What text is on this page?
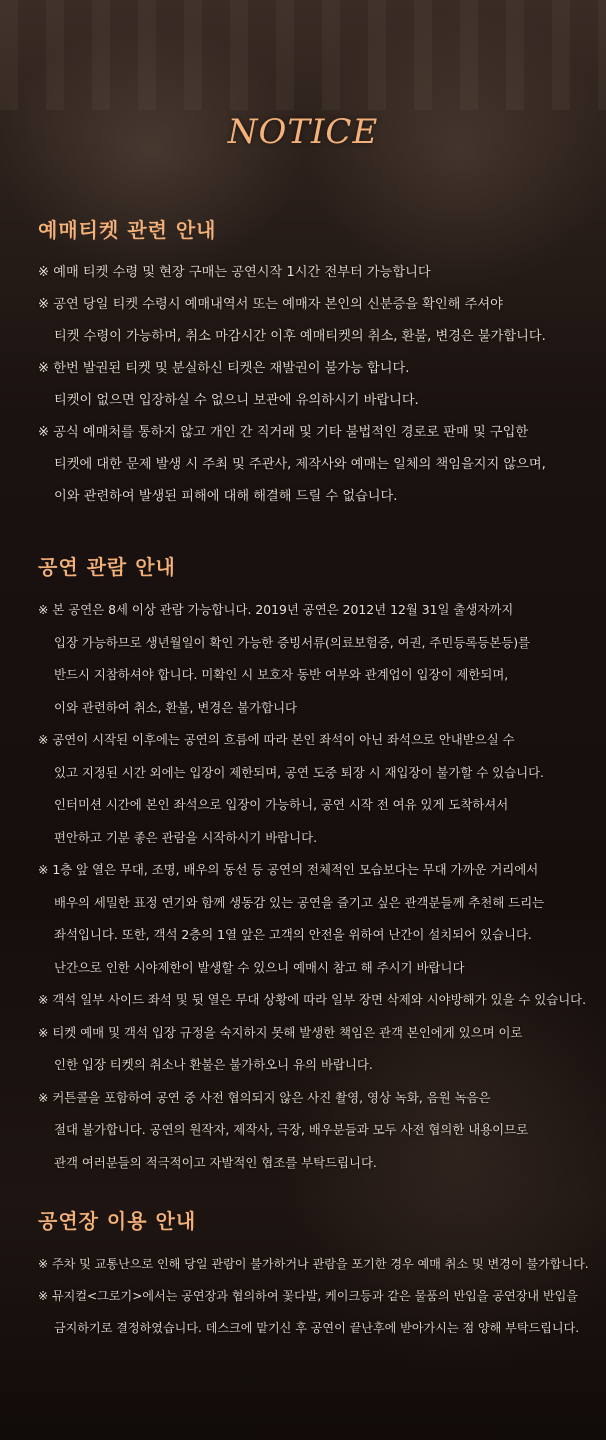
NOTICE
예매티켓 관련 안내
※ 예매 티켓 수령 및 현장 구매는 공연시작 1시간 전부터 가능합니다
※ 공연 당일 티켓 수령시 예매내역서 또는 예매자 본인의 신분증을 확인해 주셔야
티켓 수령이 가능하며, 취소 마감시간 이후 예매티켓의 취소, 환불, 변경은 불가합니다.
※ 한번 발권된 티켓 및 분실하신 티켓은 재발권이 불가능 합니다.
티켓이 없으면 입장하실 수 없으니 보관에 유의하시기 바랍니다.
※ 공식 예매처를 통하지 않고 개인 간 직거래 및 기타 불법적인 경로로 판매 및 구입한
티켓에 대한 문제 발생 시 주최 및 주관사, 제작사와 예매는 일체의 책임을지지 않으며,
이와 관련하여 발생된 피해에 대해 해결해 드릴 수 없습니다.
공연 관람 안내
※ 본 공연은 8세 이상 관람 가능합니다. 2019년 공연은 2012년 12월 31일 출생자까지
입장 가능하므로 생년월일이 확인 가능한 증빙서류(의료보험증, 여권, 주민등록등본등)를
반드시 지참하셔야 합니다. 미확인 시 보호자 동반 여부와 관계업이 입장이 제한되며,
이와 관련하여 취소, 환불, 변경은 불가합니다
※ 공연이 시작된 이후에는 공연의 흐름에 따라 본인 좌석이 아닌 좌석으로 안내받으실 수
있고 지정된 시간 외에는 입장이 제한되며, 공연 도중 퇴장 시 재입장이 불가할 수 있습니다.
인터미션 시간에 본인 좌석으로 입장이 가능하니, 공연 시작 전 여유 있게 도착하셔서
편안하고 기분 좋은 관람을 시작하시기 바랍니다.
※ 1층 앞 열은 무대, 조명, 배우의 동선 등 공연의 전체적인 모습보다는 무대 가까운 거리에서
배우의 세밀한 표정 연기와 함께 생동감 있는 공연을 즐기고 싶은 관객분들께 추천해 드리는
좌석입니다. 또한, 객석 2층의 1열 앞은 고객의 안전을 위하여 난간이 설치되어 있습니다.
난간으로 인한 시야제한이 발생할 수 있으니 예매시 참고 해 주시기 바랍니다
※ 객석 일부 사이드 좌석 및 뒷 열은 무대 상황에 따라 일부 장면 삭제와 시야방해가 있을 수 있습니다.
※ 티켓 예매 및 객석 입장 규정을 숙지하지 못해 발생한 책임은 관객 본인에게 있으며 이로
인한 입장 티켓의 취소나 환불은 불가하오니 유의 바랍니다.
※ 커튼콜을 포함하여 공연 중 사전 협의되지 않은 사진 촬영, 영상 녹화, 음원 녹음은
절대 불가합니다. 공연의 원작자, 제작사, 극장, 배우분들과 모두 사전 협의한 내용이므로
관객 여러분들의 적극적이고 자발적인 협조를 부탁드립니다.
공연장 이용 안내
※ 주차 및 교통난으로 인해 당일 관람이 불가하거나 관람을 포기한 경우 예매 취소 및 변경이 불가합니다.
※ 뮤지컬<그로기>에서는 공연장과 협의하여 꽃다발, 케이크등과 같은 물품의 반입을 공연장내 반입을
금지하기로 결정하였습니다. 데스크에 맡기신 후 공연이 끝난후에 받아가시는 점 양해 부탁드립니다.
